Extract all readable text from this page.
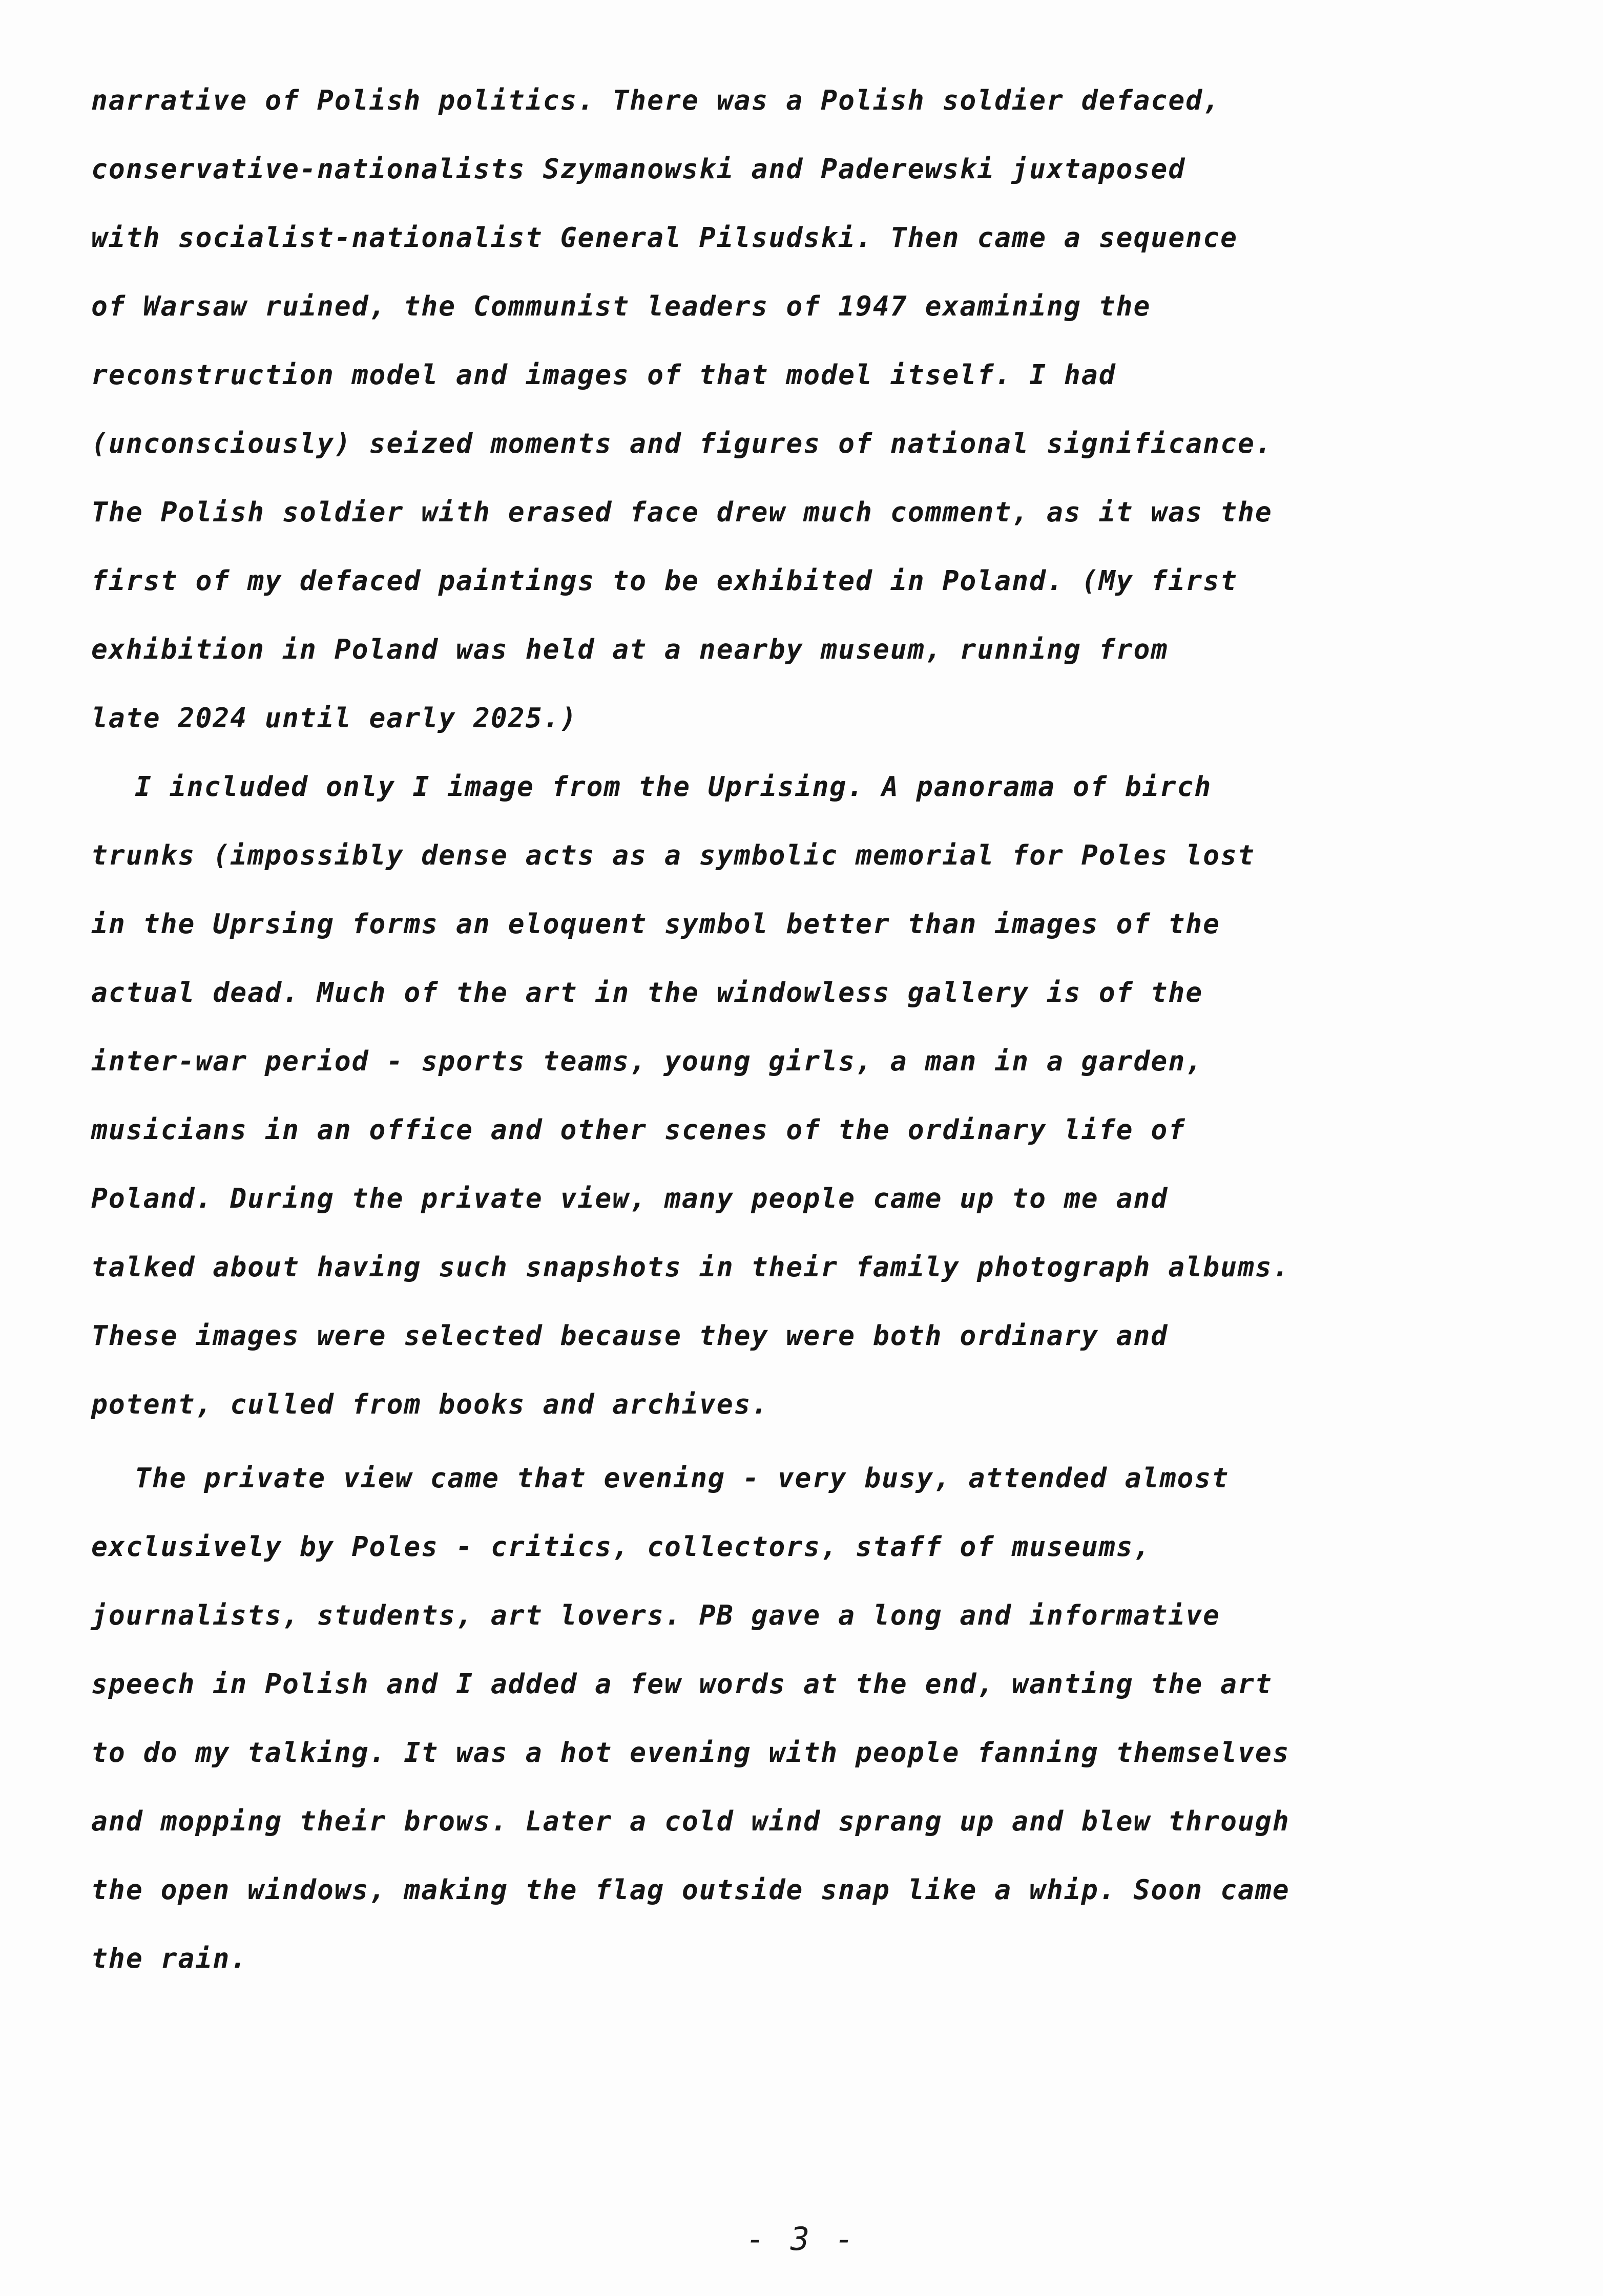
narrative of Polish politics. There was a Polish soldier defaced,
conservative-nationalists Szymanowski and Paderewski juxtaposed
with socialist-nationalist General Pilsudski. Then came a sequence
of Warsaw ruined, the Communist leaders of 1947 examining the
reconstruction model and images of that model itself. I had
(unconsciously) seized moments and figures of national significance.
The Polish soldier with erased face drew much comment, as it was the
first of my defaced paintings to be exhibited in Poland. (My first
exhibition in Poland was held at a nearby museum, running from
late 2024 until early 2025.)
I included only I image from the Uprising. A panorama of birch
trunks (impossibly dense acts as a symbolic memorial for Poles lost
in the Uprsing forms an eloquent symbol better than images of the
actual dead. Much of the art in the windowless gallery is of the
inter-war period - sports teams, young girls, a man in a garden,
musicians in an office and other scenes of the ordinary life of
Poland. During the private view, many people came up to me and
talked about having such snapshots in their family photograph albums.
These images were selected because they were both ordinary and
potent, culled from books and archives.
The private view came that evening - very busy, attended almost
exclusively by Poles - critics, collectors, staff of museums,
journalists, students, art lovers. PB gave a long and informative
speech in Polish and I added a few words at the end, wanting the art
to do my talking. It was a hot evening with people fanning themselves
and mopping their brows. Later a cold wind sprang up and blew through
the open windows, making the flag outside snap like a whip. Soon came
the rain.
- 3 -
